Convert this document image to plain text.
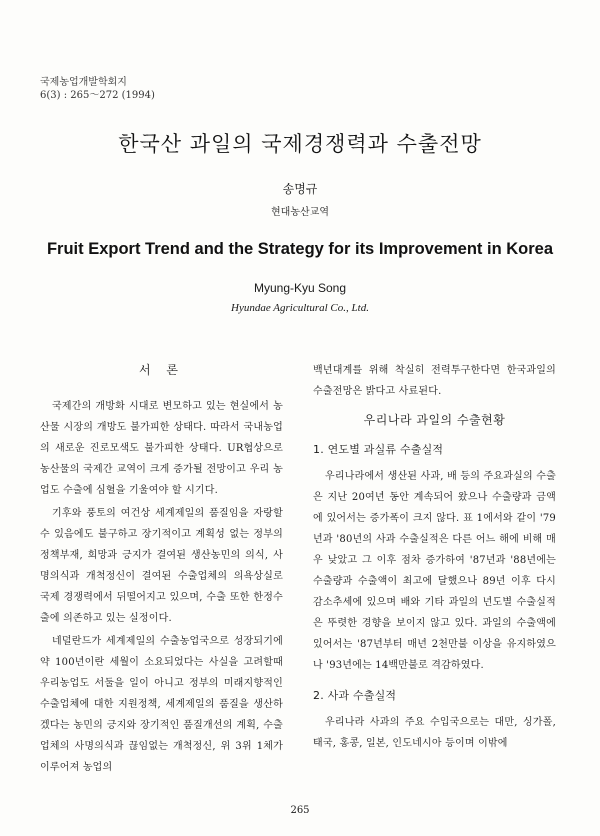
국제농업개발학회지
6(3) : 265～272 (1994)
한국산 과일의 국제경쟁력과 수출전망
송명규
현대농산교역
Fruit Export Trend and the Strategy for its Improvement in Korea
Myung-Kyu Song
Hyundae Agricultural Co., Ltd.
서 론

국제간의 개방화 시대로 변모하고 있는 현실에서 농산물 시장의 개방도 불가피한 상태다. 따라서 국내농업의 새로운 진로모색도 불가피한 상태다. UR협상으로 농산물의 국제간 교역이 크게 증가될 전망이고 우리 농업도 수출에 심혈을 기울여야 할 시기다.

기후와 풍토의 여건상 세계제일의 품질임을 자랑할 수 있음에도 불구하고 장기적이고 계획성 없는 정부의 정책부재, 희망과 긍지가 결여된 생산농민의 의식, 사명의식과 개척정신이 결여된 수출업체의 의욕상실로 국제 경쟁력에서 뒤떨어지고 있으며, 수출 또한 한정수출에 의존하고 있는 실정이다.

네덜란드가 세계제일의 수출농업국으로 성장되기에 약 100년이란 세월이 소요되었다는 사실을 고려할때 우리농업도 서둘을 일이 아니고 정부의 미래지향적인 수출업체에 대한 지원정책, 세계제일의 품질을 생산하겠다는 농민의 긍지와 장기적인 품질개선의 계획, 수출업체의 사명의식과 끊임없는 개척정신, 위 3위 1체가 이루어져 농업의

백년대계를 위해 착실히 전력투구한다면 한국과일의 수출전망은 밝다고 사료된다.

우리나라 과일의 수출현황
1. 연도별 과실류 수출실적

우리나라에서 생산된 사과, 배 등의 주요과실의 수출은 지난 20여년 동안 계속되어 왔으나 수출량과 금액에 있어서는 증가폭이 크지 않다. 표 1에서와 같이 '79년과 '80년의 사과 수출실적은 다른 어느 해에 비해 매우 낮았고 그 이후 점차 증가하여 '87년과 '88년에는 수출량과 수출액이 최고에 달했으나 89년 이후 다시 감소추세에 있으며 배와 기타 과일의 년도별 수출실적은 뚜렷한 경향을 보이지 않고 있다. 과일의 수출액에 있어서는 '87년부터 매년 2천만불 이상을 유지하였으나 '93년에는 14백만불로 격감하였다.

2. 사과 수출실적

우리나라 사과의 주요 수입국으로는 대만, 싱가폴, 태국, 홍콩, 일본, 인도네시아 등이며 이밖에

265
